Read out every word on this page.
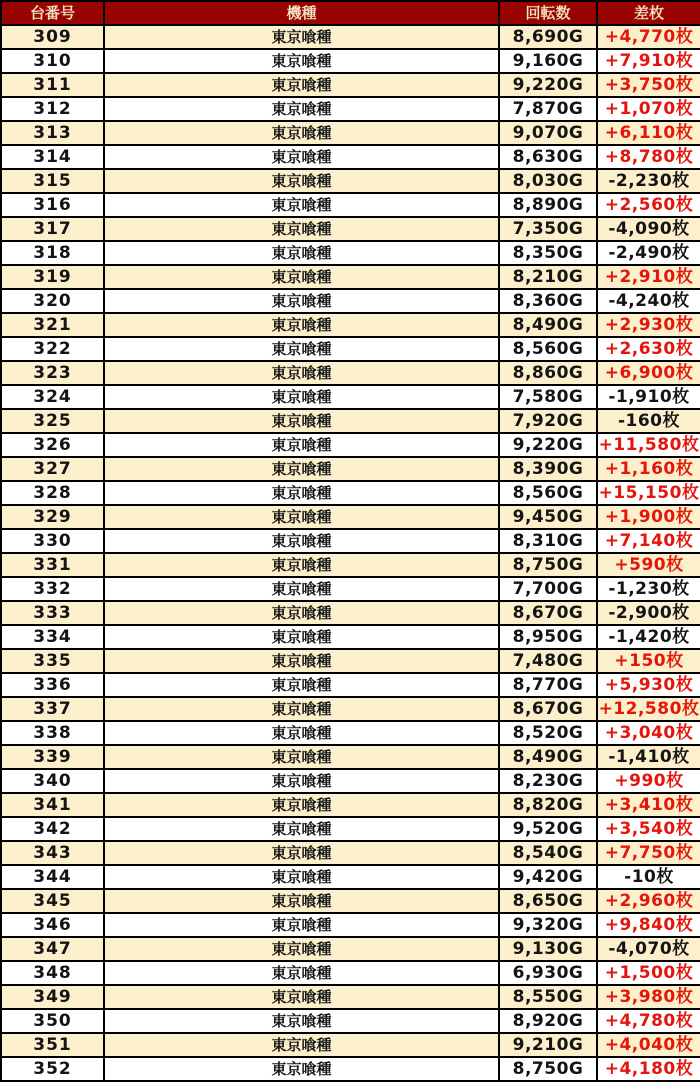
台番号	機種	回転数	差枚
309	東京喰種	8,690G	+4,770枚
310	東京喰種	9,160G	+7,910枚
311	東京喰種	9,220G	+3,750枚
312	東京喰種	7,870G	+1,070枚
313	東京喰種	9,070G	+6,110枚
314	東京喰種	8,630G	+8,780枚
315	東京喰種	8,030G	-2,230枚
316	東京喰種	8,890G	+2,560枚
317	東京喰種	7,350G	-4,090枚
318	東京喰種	8,350G	-2,490枚
319	東京喰種	8,210G	+2,910枚
320	東京喰種	8,360G	-4,240枚
321	東京喰種	8,490G	+2,930枚
322	東京喰種	8,560G	+2,630枚
323	東京喰種	8,860G	+6,900枚
324	東京喰種	7,580G	-1,910枚
325	東京喰種	7,920G	-160枚
326	東京喰種	9,220G	+11,580枚
327	東京喰種	8,390G	+1,160枚
328	東京喰種	8,560G	+15,150枚
329	東京喰種	9,450G	+1,900枚
330	東京喰種	8,310G	+7,140枚
331	東京喰種	8,750G	+590枚
332	東京喰種	7,700G	-1,230枚
333	東京喰種	8,670G	-2,900枚
334	東京喰種	8,950G	-1,420枚
335	東京喰種	7,480G	+150枚
336	東京喰種	8,770G	+5,930枚
337	東京喰種	8,670G	+12,580枚
338	東京喰種	8,520G	+3,040枚
339	東京喰種	8,490G	-1,410枚
340	東京喰種	8,230G	+990枚
341	東京喰種	8,820G	+3,410枚
342	東京喰種	9,520G	+3,540枚
343	東京喰種	8,540G	+7,750枚
344	東京喰種	9,420G	-10枚
345	東京喰種	8,650G	+2,960枚
346	東京喰種	9,320G	+9,840枚
347	東京喰種	9,130G	-4,070枚
348	東京喰種	6,930G	+1,500枚
349	東京喰種	8,550G	+3,980枚
350	東京喰種	8,920G	+4,780枚
351	東京喰種	9,210G	+4,040枚
352	東京喰種	8,750G	+4,180枚
